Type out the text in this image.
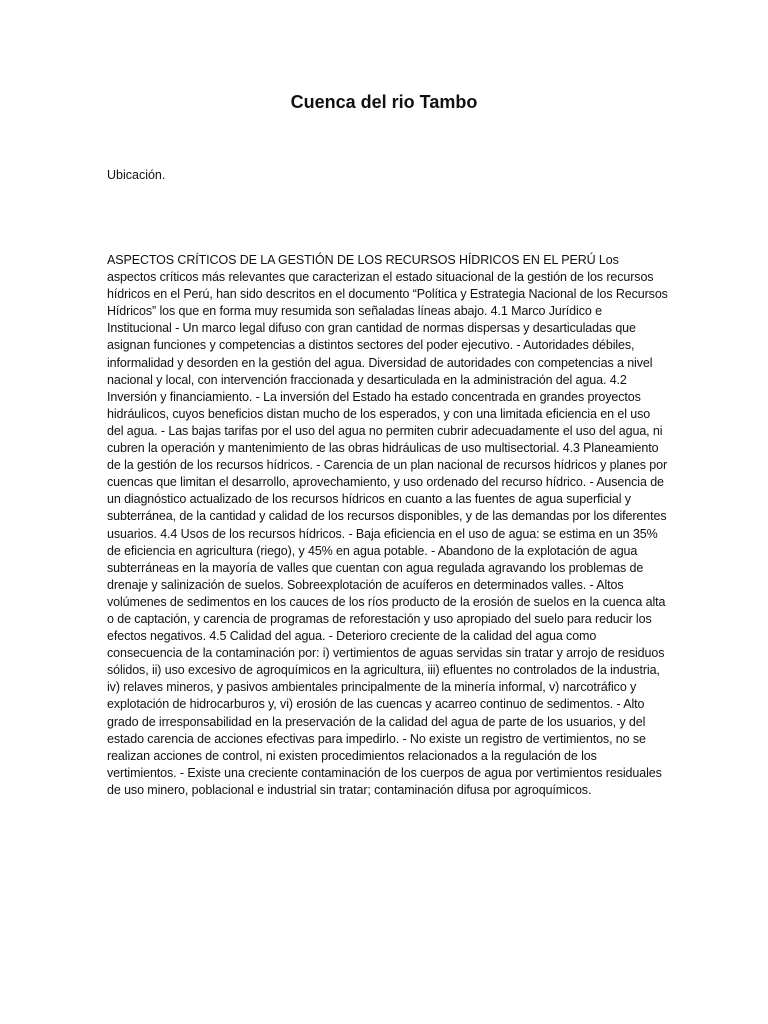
Cuenca del rio Tambo

Ubicación.

ASPECTOS CRÍTICOS DE LA GESTIÓN DE LOS RECURSOS HÍDRICOS EN EL PERÚ Los aspectos críticos más relevantes que caracterizan el estado situacional de la gestión de los recursos hídricos en el Perú, han sido descritos en el documento “Política y Estrategia Nacional de los Recursos Hídricos” los que en forma muy resumida son señaladas líneas abajo. 4.1 Marco Jurídico e Institucional - Un marco legal difuso con gran cantidad de normas dispersas y desarticuladas que asignan funciones y competencias a distintos sectores del poder ejecutivo. - Autoridades débiles, informalidad y desorden en la gestión del agua. Diversidad de autoridades con competencias a nivel nacional y local, con intervención fraccionada y desarticulada en la administración del agua. 4.2 Inversión y financiamiento. - La inversión del Estado ha estado concentrada en grandes proyectos hidráulicos, cuyos beneficios distan mucho de los esperados, y con una limitada eficiencia en el uso del agua. - Las bajas tarifas por el uso del agua no permiten cubrir adecuadamente el uso del agua, ni cubren la operación y mantenimiento de las obras hidráulicas de uso multisectorial. 4.3 Planeamiento de la gestión de los recursos hídricos. - Carencia de un plan nacional de recursos hídricos y planes por cuencas que limitan el desarrollo, aprovechamiento, y uso ordenado del recurso hídrico. - Ausencia de un diagnóstico actualizado de los recursos hídricos en cuanto a las fuentes de agua superficial y subterránea, de la cantidad y calidad de los recursos disponibles, y de las demandas por los diferentes usuarios. 4.4 Usos de los recursos hídricos. - Baja eficiencia en el uso de agua: se estima en un 35% de eficiencia en agricultura (riego), y 45% en agua potable. - Abandono de la explotación de agua subterráneas en la mayoría de valles que cuentan con agua regulada agravando los problemas de drenaje y salinización de suelos. Sobreexplotación de acuíferos en determinados valles. - Altos volúmenes de sedimentos en los cauces de los ríos producto de la erosión de suelos en la cuenca alta o de captación, y carencia de programas de reforestación y uso apropiado del suelo para reducir los efectos negativos. 4.5 Calidad del agua. - Deterioro creciente de la calidad del agua como consecuencia de la contaminación por: i) vertimientos de aguas servidas sin tratar y arrojo de residuos sólidos, ii) uso excesivo de agroquímicos en la agricultura, iii) efluentes no controlados de la industria, iv) relaves mineros, y pasivos ambientales principalmente de la minería informal, v) narcotráfico y explotación de hidrocarburos y, vi) erosión de las cuencas y acarreo continuo de sedimentos. - Alto grado de irresponsabilidad en la preservación de la calidad del agua de parte de los usuarios, y del estado carencia de acciones efectivas para impedirlo. - No existe un registro de vertimientos, no se realizan acciones de control, ni existen procedimientos relacionados a la regulación de los vertimientos. - Existe una creciente contaminación de los cuerpos de agua por vertimientos residuales de uso minero, poblacional e industrial sin tratar; contaminación difusa por agroquímicos.
